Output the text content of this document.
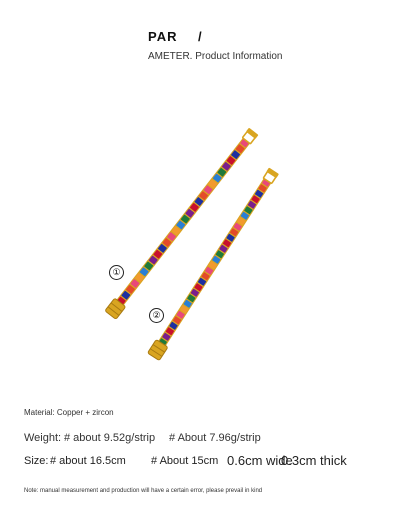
PAR /
AMETER. Product Information
①
②
Material: Copper + zircon
Weight: # about 9.52g/strip # About 7.96g/strip
Size: # about 16.5cm # About 15cm 0.6cm wide
0.3cm thick
Note: manual measurement and production will have a certain error, please prevail in kind
